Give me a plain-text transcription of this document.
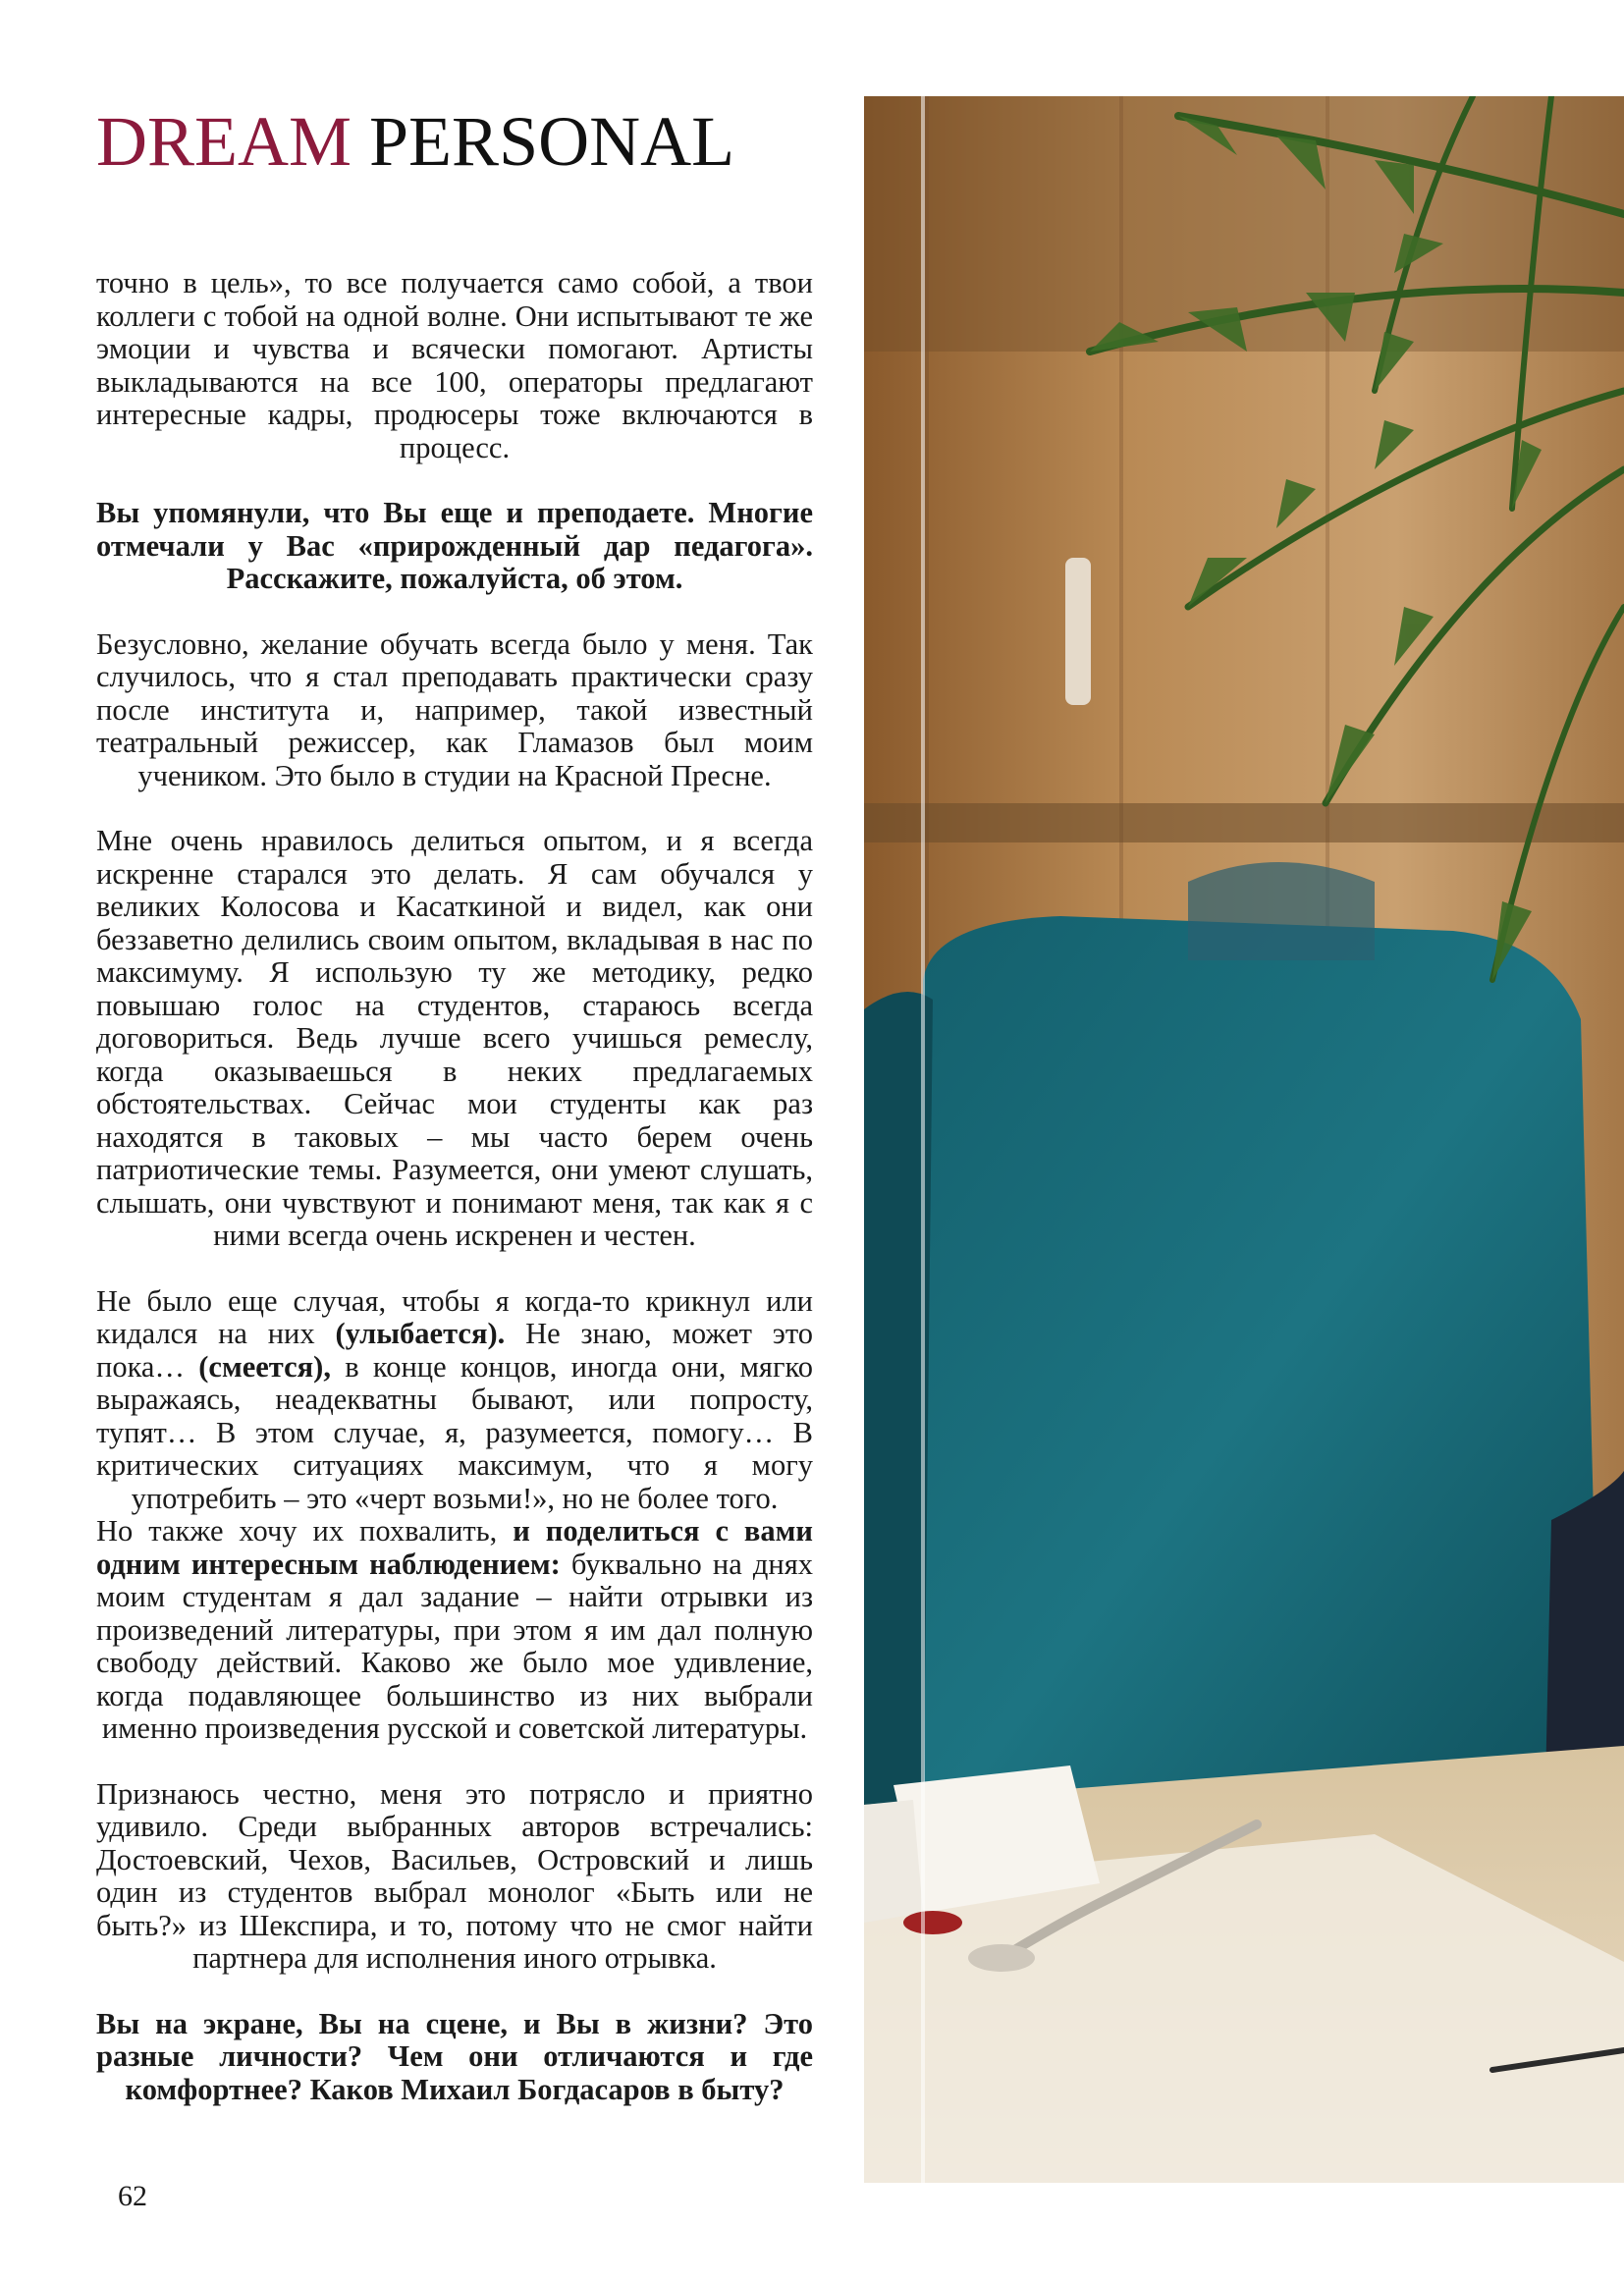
DREAM PERSONAL

точно в цель», то все получается само собой, а твои коллеги с тобой на одной волне. Они испытывают те же эмоции и чувства и всячески помогают. Артисты выкладываются на все 100, операторы предлагают интересные кадры, продюсеры тоже включаются в процесс.

Вы упомянули, что Вы еще и преподаете. Многие отмечали у Вас «прирожденный дар педагога». Расскажите, пожалуйста, об этом.

Безусловно, желание обучать всегда было у меня. Так случилось, что я стал преподавать практически сразу после института и, например, такой известный театральный режиссер, как Гламазов был моим учеником. Это было в студии на Красной Пресне.

Мне очень нравилось делиться опытом, и я всегда искренне старался это делать. Я сам обучался у великих Колосова и Касаткиной и видел, как они беззаветно делились своим опытом, вкладывая в нас по максимуму. Я использую ту же методику, редко повышаю голос на студентов, стараюсь всегда договориться. Ведь лучше всего учишься ремеслу, когда оказываешься в неких предлагаемых обстоятельствах. Сейчас мои студенты как раз находятся в таковых – мы часто берем очень патриотические темы. Разумеется, они умеют слушать, слышать, они чувствуют и понимают меня, так как я с ними всегда очень искренен и честен.

Не было еще случая, чтобы я когда-то крикнул или кидался на них (улыбается). Не знаю, может это пока… (смеется), в конце концов, иногда они, мягко выражаясь, неадекватны бывают, или попросту, тупят… В этом случае, я, разумеется, помогу… В критических ситуациях максимум, что я могу употребить – это «черт возьми!», но не более того.

Но также хочу их похвалить, и поделиться с вами одним интересным наблюдением: буквально на днях моим студентам я дал задание – найти отрывки из произведений литературы, при этом я им дал полную свободу действий. Каково же было мое удивление, когда подавляющее большинство из них выбрали именно произведения русской и советской литературы.

Признаюсь честно, меня это потрясло и приятно удивило. Среди выбранных авторов встречались: Достоевский, Чехов, Васильев, Островский и лишь один из студентов выбрал монолог «Быть или не быть?» из Шекспира, и то, потому что не смог найти партнера для исполнения иного отрывка.

Вы на экране, Вы на сцене, и Вы в жизни? Это разные личности? Чем они отличаются и где комфортнее? Каков Михаил Богдасаров в быту?

62
